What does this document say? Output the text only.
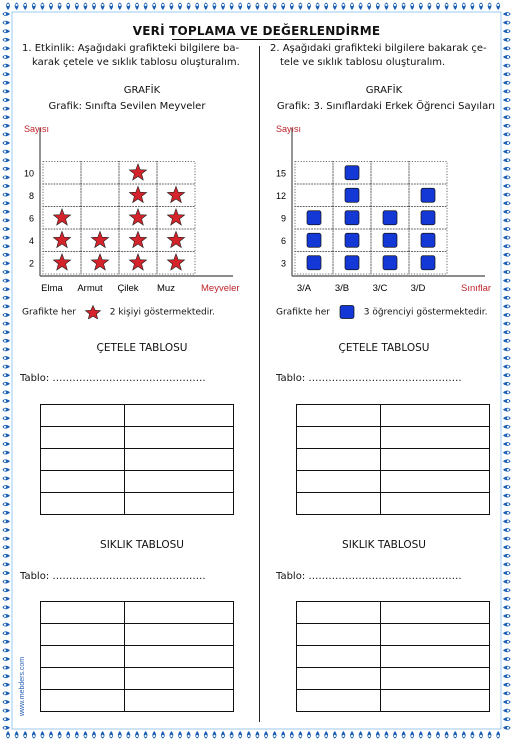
VERİ TOPLAMA VE DEĞERLENDİRME
1. Etkinlik: Aşağıdaki grafikteki bilgilere ba-
karak çetele ve sıklık tablosu oluşturalım.
GRAFİK
Grafik: Sınıfta Sevilen Meyveler
Sayısı
Meyveler
2
4
6
8
10
Elma Armut Çilek Muz
Grafikte her	2 kişiyi göstermektedir.
ÇETELE TABLOSU
Tablo: ……………………………………….

SIKLIK TABLOSU
Tablo: ……………………………………….

2. Aşağıdaki grafikteki bilgilere bakarak çe-
tele ve sıklık tablosu oluşturalım.
GRAFİK
Grafik: 3. Sınıflardaki Erkek Öğrenci Sayıları
Sayısı
Sınıflar
3
6
9
12
15
3/A 3/B 3/C 3/D
Grafikte her	3 öğrenciyi göstermektedir.
ÇETELE TABLOSU
Tablo: ……………………………………….

SIKLIK TABLOSU
Tablo: ……………………………………….

www.mebders.com
